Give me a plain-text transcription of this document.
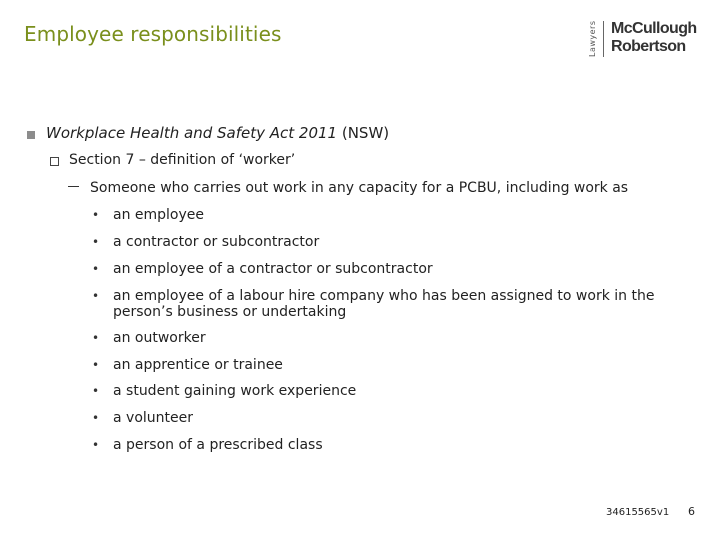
Employee responsibilities	Lawyers McCullough
Robertson
Workplace Health and Safety Act 2011 (NSW)
Section 7 – definition of ‘worker’
Someone who carries out work in any capacity for a PCBU, including work as
• an employee
• a contractor or subcontractor
• an employee of a contractor or subcontractor
• an employee of a labour hire company who has been assigned to work in the person’s business or undertaking
• an outworker
• an apprentice or trainee
• a student gaining work experience
• a volunteer
• a person of a prescribed class
34615565v1 6
